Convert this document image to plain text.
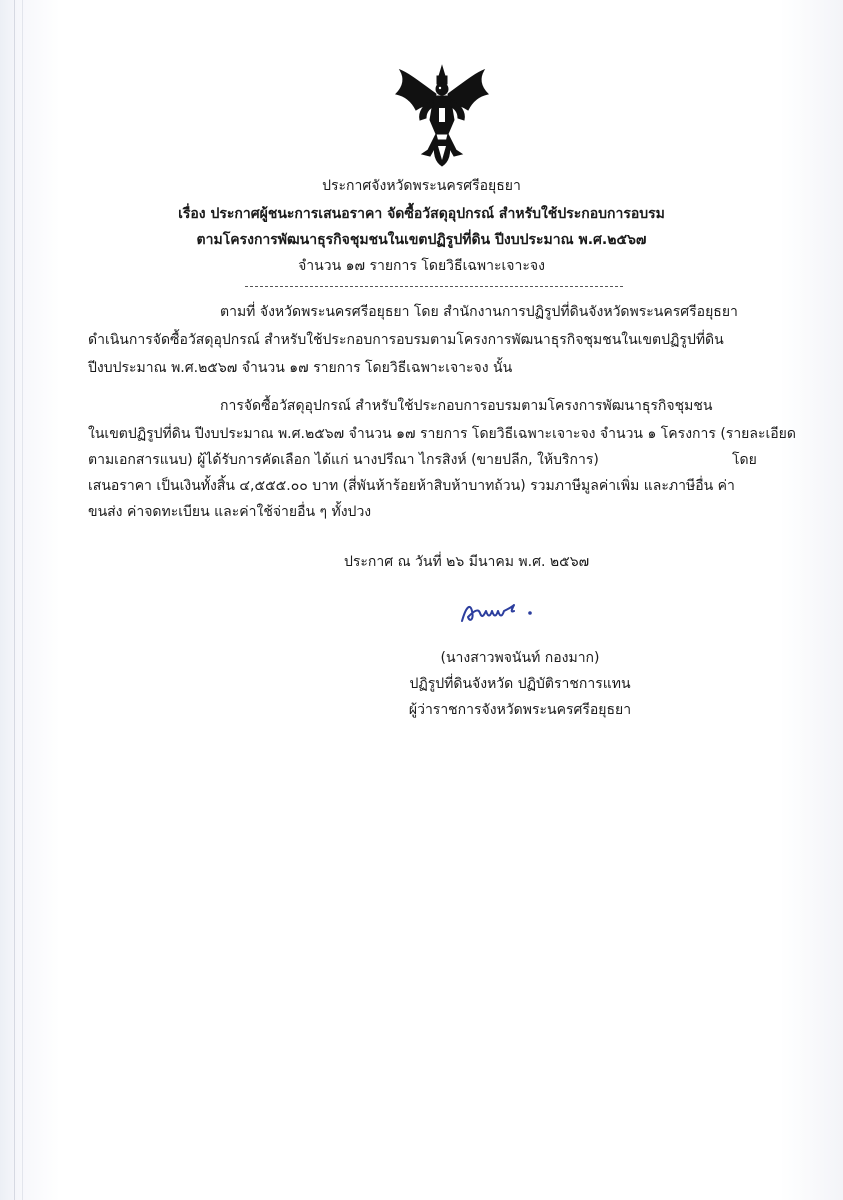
ประกาศจังหวัดพระนครศรีอยุธยา
เรื่อง ประกาศผู้ชนะการเสนอราคา จัดซื้อวัสดุอุปกรณ์ สำหรับใช้ประกอบการอบรม
ตามโครงการพัฒนาธุรกิจชุมชนในเขตปฏิรูปที่ดิน ปีงบประมาณ พ.ศ.๒๕๖๗
จำนวน ๑๗ รายการ โดยวิธีเฉพาะเจาะจง
ตามที่ จังหวัดพระนครศรีอยุธยา โดย สำนักงานการปฏิรูปที่ดินจังหวัดพระนครศรีอยุธยา
ดำเนินการจัดซื้อวัสดุอุปกรณ์ สำหรับใช้ประกอบการอบรมตามโครงการพัฒนาธุรกิจชุมชนในเขตปฏิรูปที่ดิน
ปีงบประมาณ พ.ศ.๒๕๖๗ จำนวน ๑๗ รายการ โดยวิธีเฉพาะเจาะจง นั้น
การจัดซื้อวัสดุอุปกรณ์ สำหรับใช้ประกอบการอบรมตามโครงการพัฒนาธุรกิจชุมชน
ในเขตปฏิรูปที่ดิน ปีงบประมาณ พ.ศ.๒๕๖๗ จำนวน ๑๗ รายการ โดยวิธีเฉพาะเจาะจง จำนวน ๑ โครงการ (รายละเอียด
ตามเอกสารแนบ) ผู้ได้รับการคัดเลือก ได้แก่ นางปรีณา ไกรสิงห์ (ขายปลีก, ให้บริการ)	โดย
เสนอราคา เป็นเงินทั้งสิ้น ๔,๕๕๕.๐๐ บาท (สี่พันห้าร้อยห้าสิบห้าบาทถ้วน) รวมภาษีมูลค่าเพิ่ม และภาษีอื่น ค่า
ขนส่ง ค่าจดทะเบียน และค่าใช้จ่ายอื่น ๆ ทั้งปวง
ประกาศ ณ วันที่ ๒๖ มีนาคม พ.ศ. ๒๕๖๗
(นางสาวพจนันท์ กองมาก)
ปฏิรูปที่ดินจังหวัด ปฏิบัติราชการแทน
ผู้ว่าราชการจังหวัดพระนครศรีอยุธยา
